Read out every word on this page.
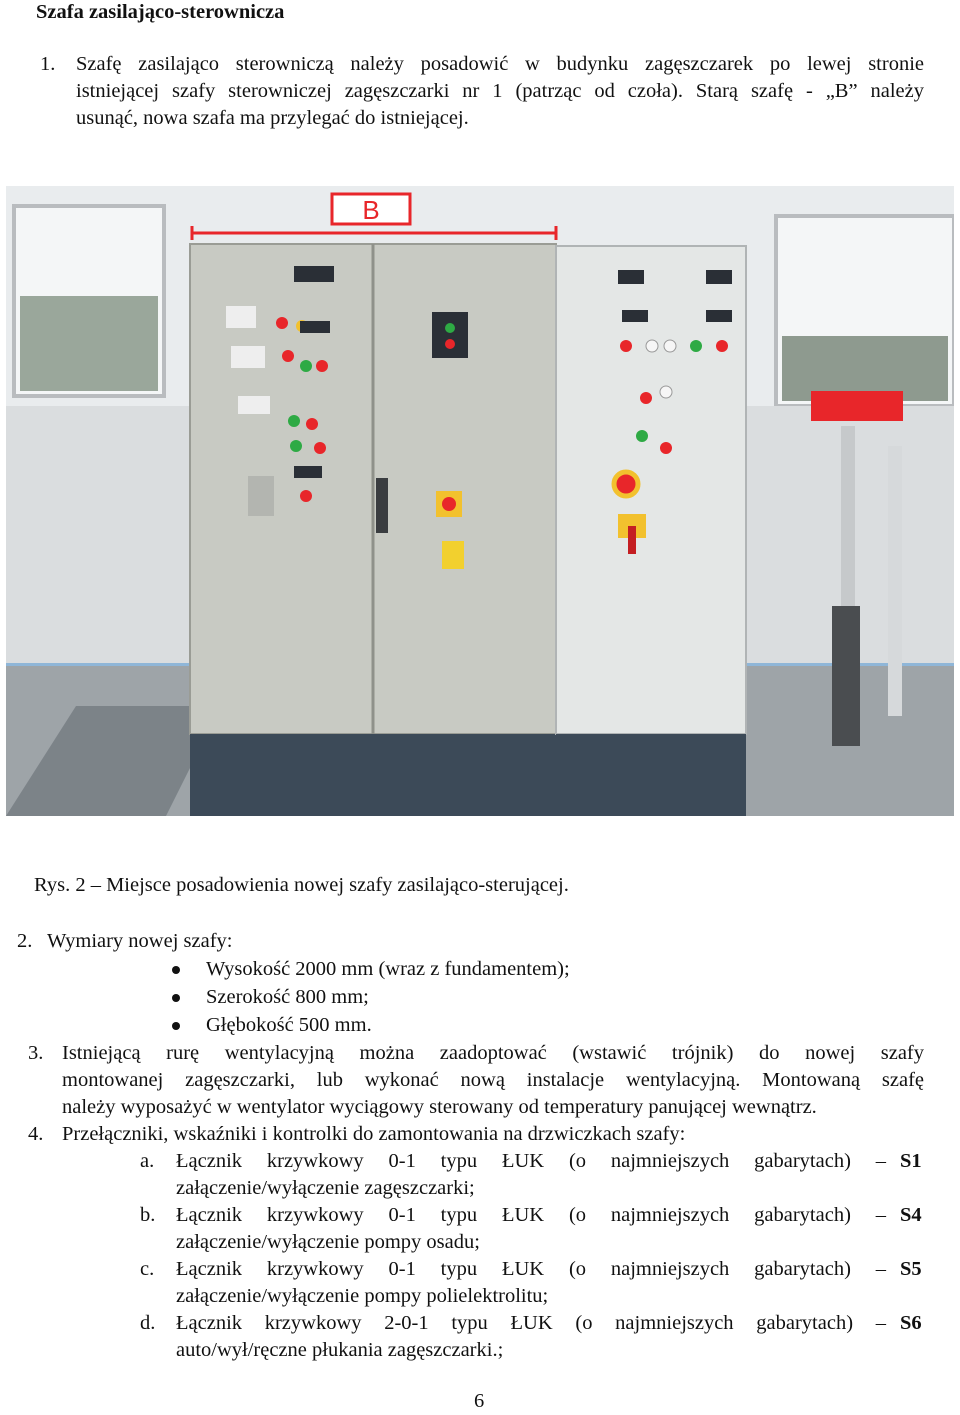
Szafa zasilająco-sterownicza
1. Szafę zasilająco sterowniczą należy posadowić w budynku zagęszczarek po lewej stronie
istniejącej szafy sterowniczej zagęszczarki nr 1 (patrząc od czoła). Starą szafę - „B” należy
usunąć, nowa szafa ma przylegać do istniejącej.
B
Rys. 2 – Miejsce posadowienia nowej szafy zasilająco-sterującej.
2. Wymiary nowej szafy:
Wysokość 2000 mm (wraz z fundamentem);
Szerokość 800 mm;
Głębokość 500 mm.
3. Istniejącą rurę wentylacyjną można zaadoptować (wstawić trójnik) do nowej szafy
montowanej zagęszczarki, lub wykonać nową instalacje wentylacyjną. Montowaną szafę
należy wyposażyć w wentylator wyciągowy sterowany od temperatury panującej wewnątrz.
4. Przełączniki, wskaźniki i kontrolki do zamontowania na drzwiczkach szafy:
a. Łącznik krzywkowy 0-1 typu ŁUK (o najmniejszych gabarytach) – S1
załączenie/wyłączenie zagęszczarki;
b. Łącznik krzywkowy 0-1 typu ŁUK (o najmniejszych gabarytach) – S4
załączenie/wyłączenie pompy osadu;
c. Łącznik krzywkowy 0-1 typu ŁUK (o najmniejszych gabarytach) – S5
załączenie/wyłączenie pompy polielektrolitu;
d. Łącznik krzywkowy 2-0-1 typu ŁUK (o najmniejszych gabarytach) – S6
auto/wył/ręczne płukania zagęszczarki.;
6
